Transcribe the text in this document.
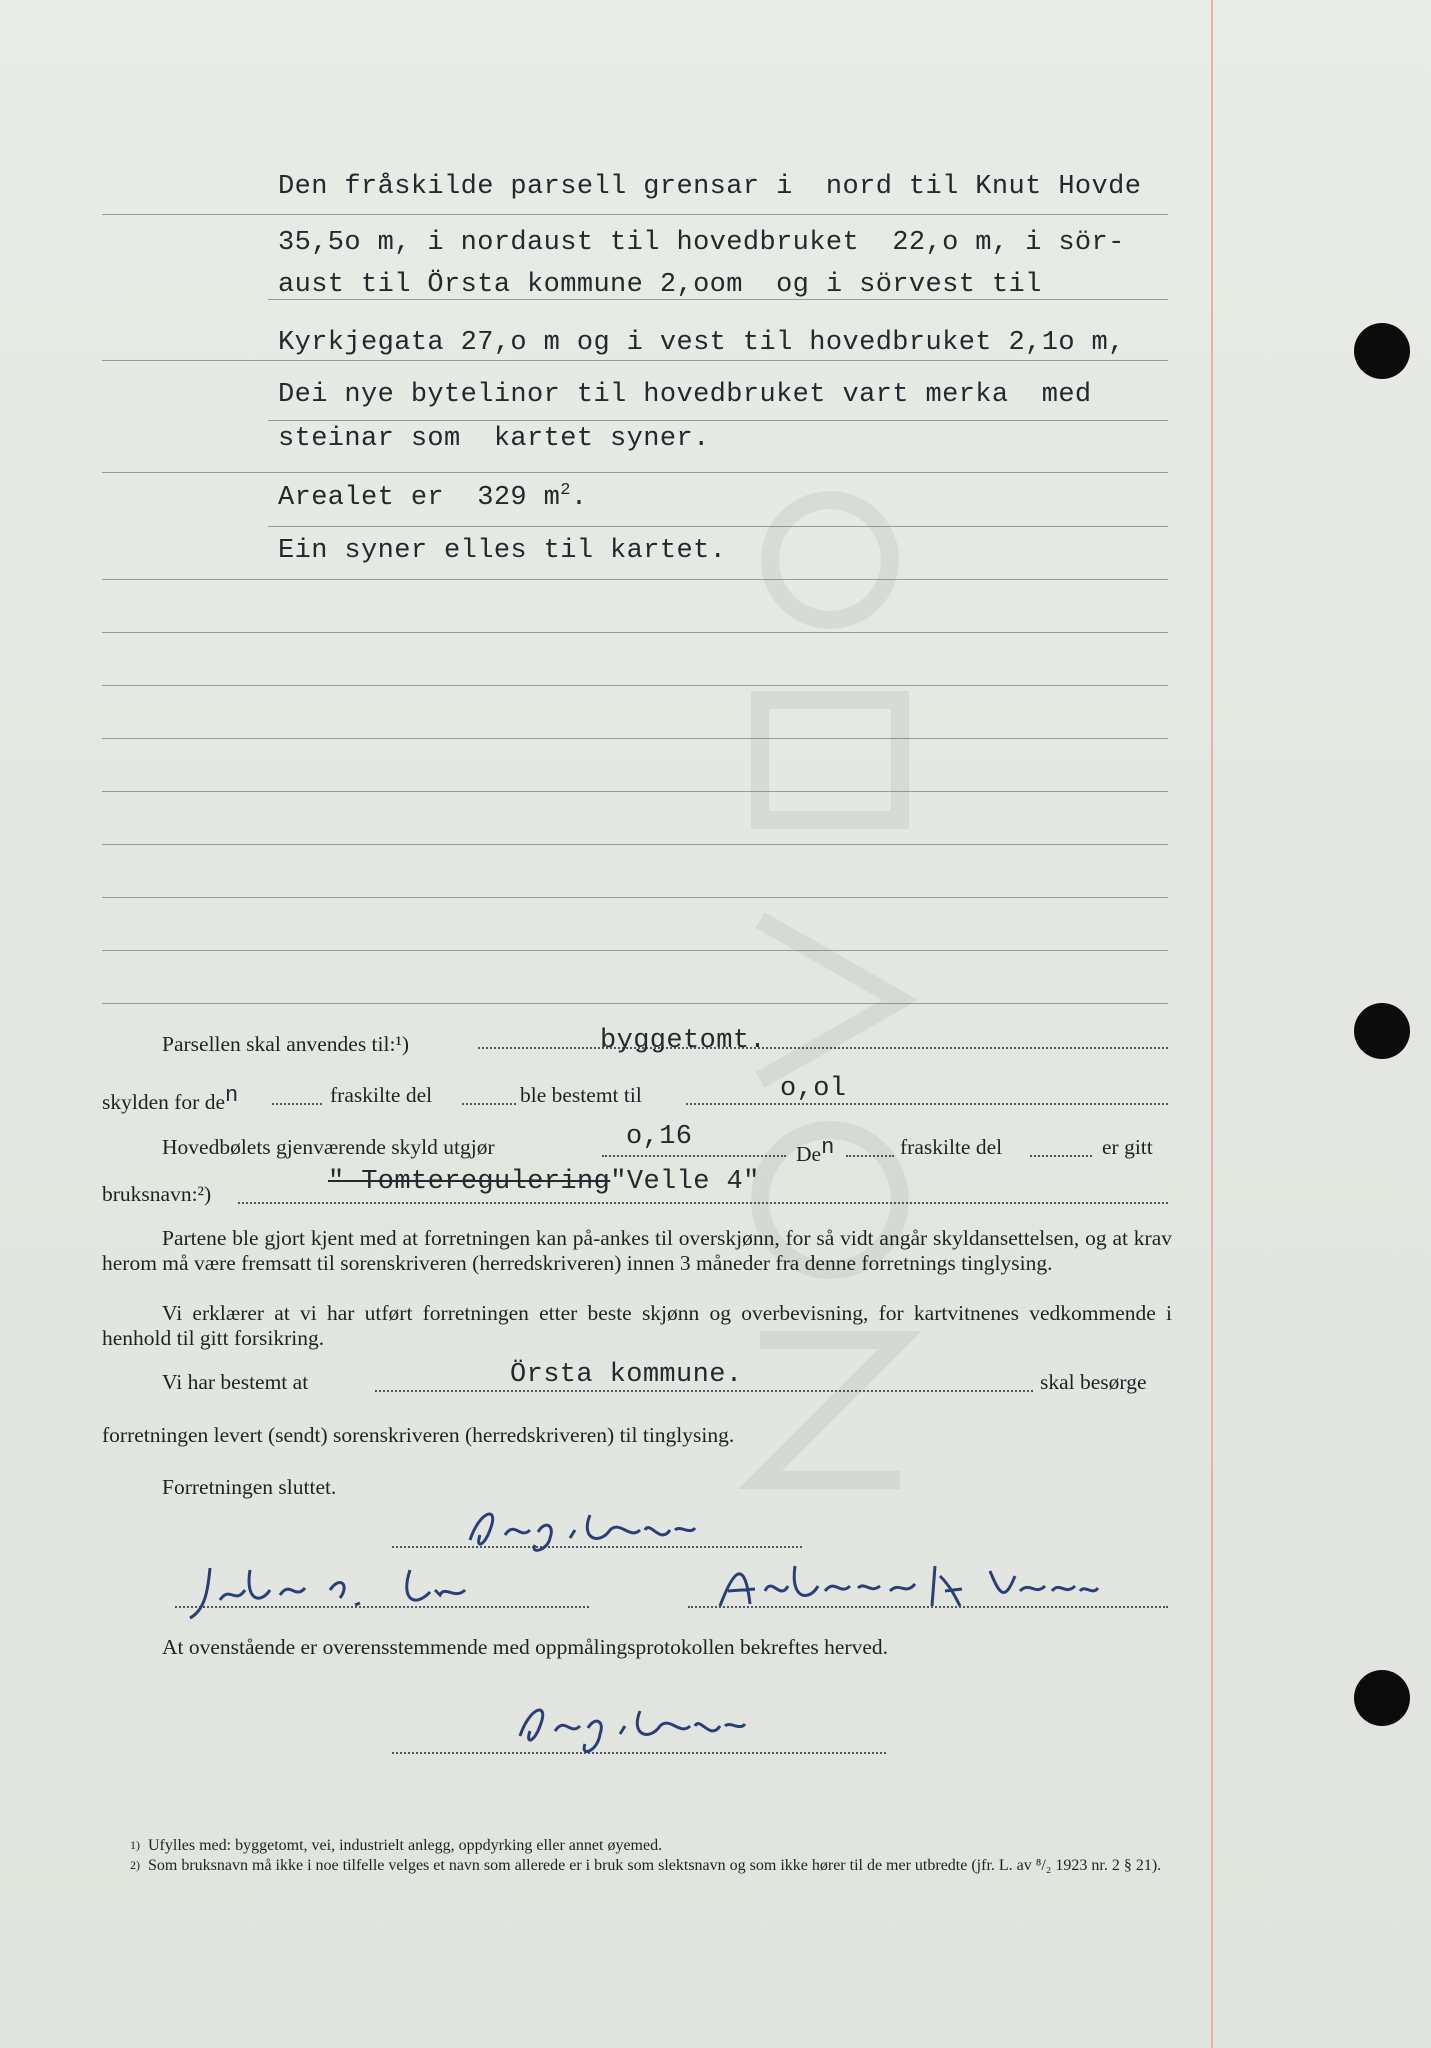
Den fråskilde parsell grensar i  nord til Knut Hovde
35,5o m, i nordaust til hovedbruket  22,o m, i sör-
aust til Örsta kommune 2,oom  og i sörvest til
Kyrkjegata 27,o m og i vest til hovedbruket 2,1o m,
Dei nye bytelinor til hovedbruket vart merka  med
steinar som  kartet syner.
Arealet er  329 $m^2$.
Ein syner elles til kartet.
Parsellen skal anvendes til:¹)	byggetomt.
skylden for $de^n$	fraskilte del	ble bestemt til	o,ol
Hovedbølets gjenværende skyld utgjør	o,16
De$^n$	fraskilte del	er gitt
bruksnavn:²)	" Tomteregulering"Velle 4"
Partene ble gjort kjent med at forretningen kan på-ankes til overskjønn, for så vidt angår skyldansettelsen, og at krav herom må være fremsatt til sorenskriveren (herredskriveren) innen 3 måneder fra denne forretnings tinglysing.
Vi erklærer at vi har utført forretningen etter beste skjønn og overbevisning, for kartvitnenes vedkommende i henhold til gitt forsikring.
Vi har bestemt at	Örsta kommune.	skal besørge
forretningen levert (sendt) sorenskriveren (herredskriveren) til tinglysing.
Forretningen sluttet.
At ovenstående er overensstemmende med oppmålingsprotokollen bekreftes herved.
1) Ufylles med: byggetomt, vei, industrielt anlegg, oppdyrking eller annet øyemed.
2) Som bruksnavn må ikke i noe tilfelle velges et navn som allerede er i bruk som slektsnavn og som ikke hører til de mer utbredte (jfr. L. av ⁸/₂ 1923 nr. 2 § 21).
